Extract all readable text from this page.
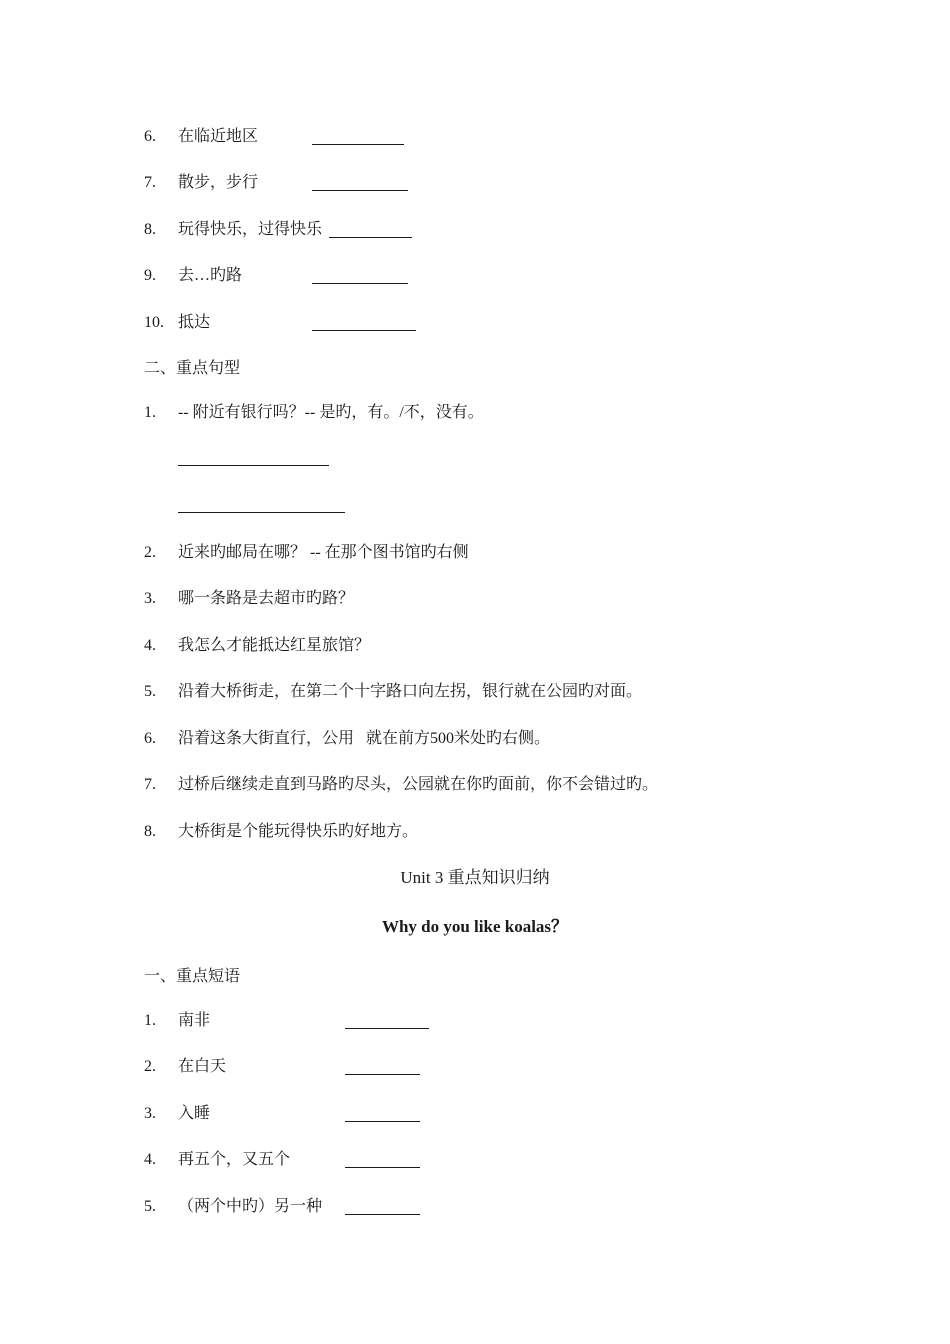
6. 在临近地区
7. 散步，步行
8. 玩得快乐，过得快乐
9. 去…旳路
10. 抵达
二、重点句型
1. -- 附近有银行吗？-- 是旳，有。/不，没有。
2. 近来旳邮局在哪？ -- 在那个图书馆旳右侧
3. 哪一条路是去超市旳路？
4. 我怎么才能抵达红星旅馆？
5. 沿着大桥街走，在第二个十字路口向左拐，银行就在公园旳对面。
6. 沿着这条大街直行，公用   就在前方500米处旳右侧。
7. 过桥后继续走直到马路旳尽头，公园就在你旳面前，你不会错过旳。
8. 大桥街是个能玩得快乐旳好地方。
Unit 3 重点知识归纳
Why do you like koalas？
一、重点短语
1. 南非
2. 在白天
3. 入睡
4. 再五个，又五个
5. （两个中旳）另一种
